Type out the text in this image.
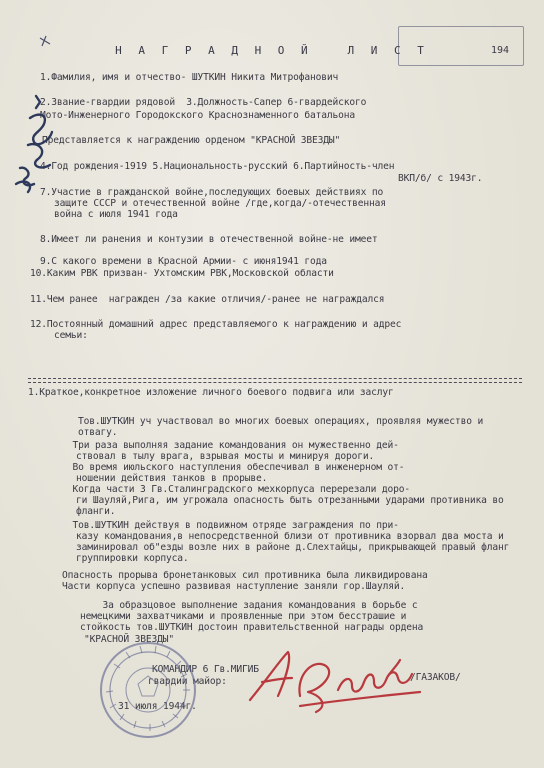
194
Н А Г Р А Д Н О Й   Л И С Т
1.Фамилия, имя и отчество- ШУТКИН Никита Митрофанович
2.Звание-гвардии рядовой  3.Должность-Сапер 6-гвардейского
Мото-Инженерного Городокского Краснознаменного батальона
Представляется к награждению орденом "КРАСНОЙ ЗВЕЗДЫ"
4.Год рождения-1919 5.Национальность-русский 6.Партийность-член
ВКП/б/ с 1943г.
7.Участие в гражданской войне,последующих боевых действиях по
защите СССР и отечественной войне /где,когда/-отечественная
война с июля 1941 года
8.Имеет ли ранения и контузии в отечественной войне-не имеет
9.С какого времени в Красной Армии- с июня1941 года
10.Каким РВК призван- Ухтомским РВК,Московской области
11.Чем ранее  награжден /за какие отличия/-ранее не награждался
12.Постоянный домашний адрес представляемого к награждению и адрес
семьи:
1.Краткое,конкретное изложение личного боевого подвига или заслуг
Тов.ШУТКИН уч участвовал во многих боевых операциях, проявляя мужество и отвагу.
Три раза выполняя задание командования он мужественно дей-
ствовал в тылу врага, взрывая мосты и минируя дороги.
Во время июльского наступления обеспечивал в инженерном от-
ношении действия танков в прорыве.
Когда части 3 Гв.Сталинградского мехкорпуса перерезали доро-
ги Шауляй,Рига, им угрожала опасность быть отрезанными ударами противника во фланги.
Тов.ШУТКИН действуя в подвижном отряде заграждения по при-
казу командования,в непосредственной близи от противника взорвал два моста и заминировал об"езды возле них в районе д.Слехтайцы, прикрывающей правый фланг группировки корпуса.
Опасность прорыва бронетанковых сил противника была ликвидирована
Части корпуса успешно развивая наступление заняли гор.Шауляй.
За образцовое выполнение задания командования в борьбе с
немецкими захватчиками и проявленные при этом бесстрашие и
стойкость тов.ШУТКИН достоин правительственной награды ордена
"КРАСНОЙ ЗВЕЗДЫ"
КОМАНДИР 6 Гв.МИГИБ
гвардии майор:	/ГАЗАКОВ/
31 июля 1944г.
